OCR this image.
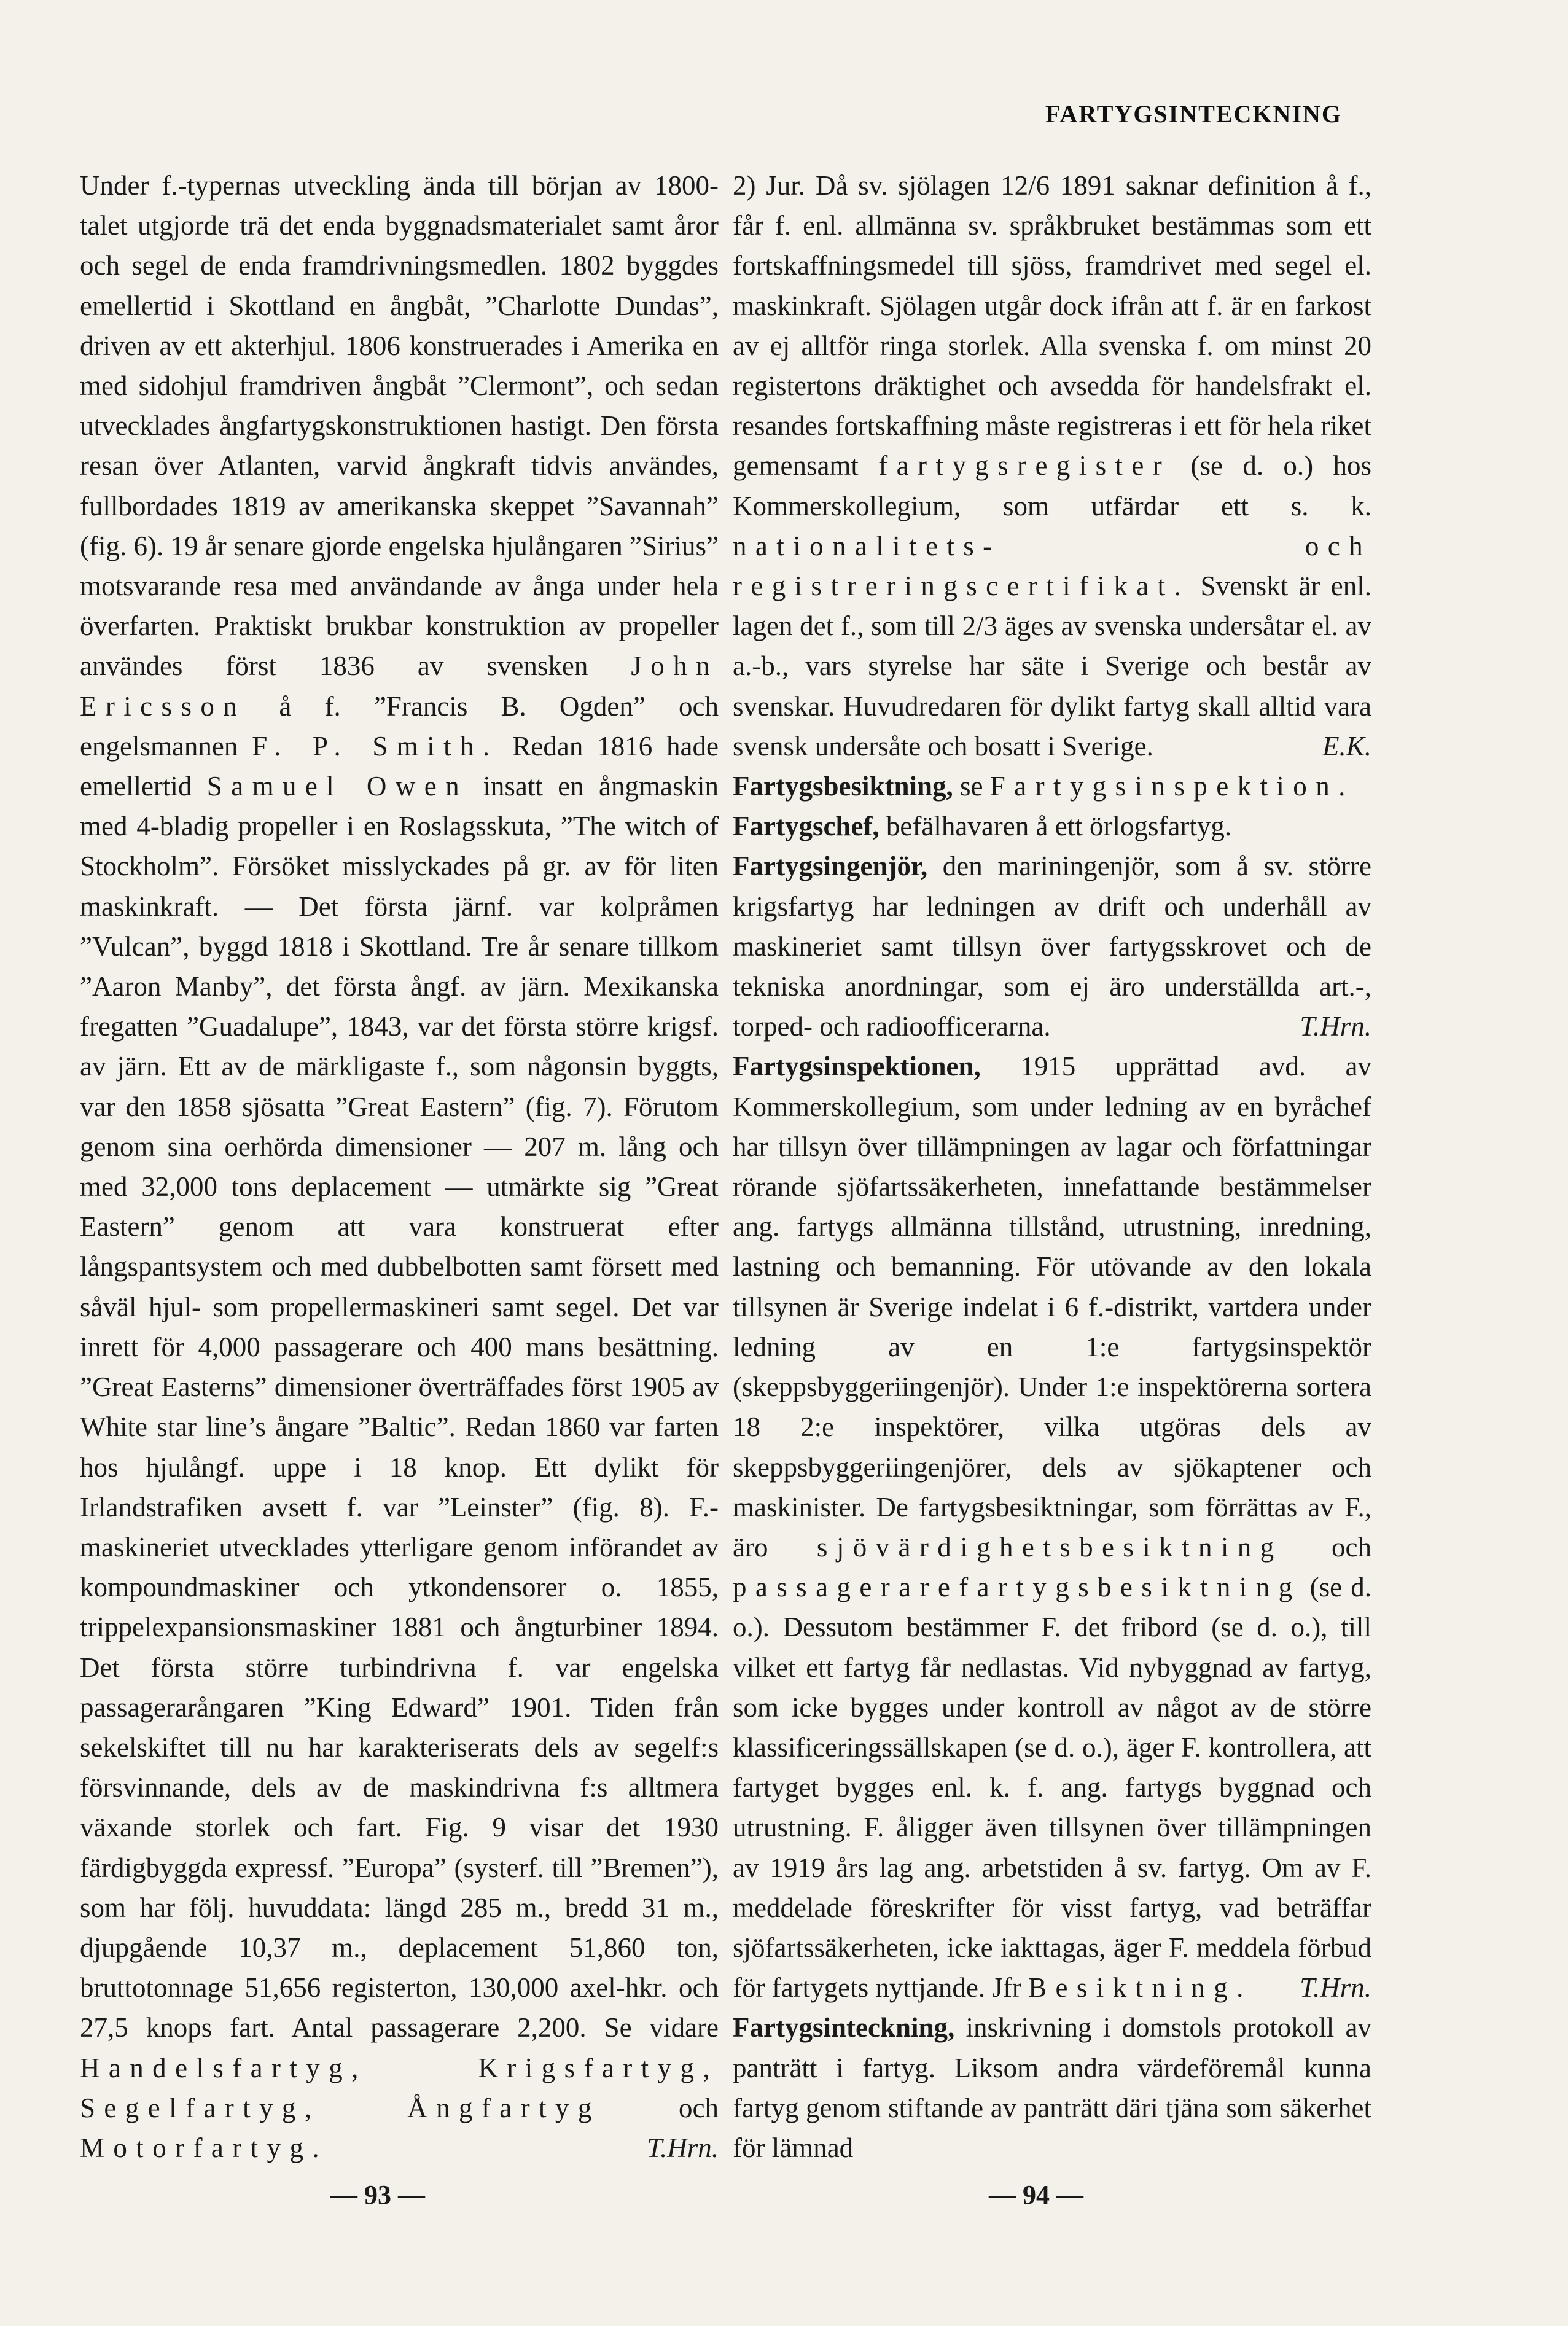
FARTYGSINTECKNING

Under f.-typernas utveckling ända till början av 1800-talet utgjorde trä det enda byggnadsmaterialet samt åror och segel de enda framdrivningsmedlen. 1802 byggdes emellertid i Skottland en ångbåt, ”Charlotte Dundas”, driven av ett akterhjul. 1806 konstruerades i Amerika en med sidohjul framdriven ångbåt ”Clermont”, och sedan utvecklades ångfartygskonstruktionen hastigt. Den första resan över Atlanten, varvid ångkraft tidvis användes, fullbordades 1819 av amerikanska skeppet ”Savannah” (fig. 6). 19 år senare gjorde engelska hjulångaren ”Sirius” motsvarande resa med användande av ånga under hela överfarten. Praktiskt brukbar konstruktion av propeller användes först 1836 av svensken John Ericsson å f. ”Francis B. Ogden” och engelsmannen F. P. Smith. Redan 1816 hade emellertid Samuel Owen insatt en ångmaskin med 4-bladig propeller i en Roslagsskuta, ”The witch of Stockholm”. Försöket misslyckades på gr. av för liten maskinkraft. — Det första järnf. var kolpråmen ”Vulcan”, byggd 1818 i Skottland. Tre år senare tillkom ”Aaron Manby”, det första ångf. av järn. Mexikanska fregatten ”Guadalupe”, 1843, var det första större krigsf. av järn. Ett av de märkligaste f., som någonsin byggts, var den 1858 sjösatta ”Great Eastern” (fig. 7). Förutom genom sina oerhörda dimensioner — 207 m. lång och med 32,000 tons deplacement — utmärkte sig ”Great Eastern” genom att vara konstruerat efter långspantsystem och med dubbelbotten samt försett med såväl hjul- som propellermaskineri samt segel. Det var inrett för 4,000 passagerare och 400 mans besättning. ”Great Easterns” dimensioner överträffades först 1905 av White star line’s ångare ”Baltic”. Redan 1860 var farten hos hjulångf. uppe i 18 knop. Ett dylikt för Irlandstrafiken avsett f. var ”Leinster” (fig. 8). F.-maskineriet utvecklades ytterligare genom införandet av kompoundmaskiner och ytkondensorer o. 1855, trippelexpansionsmaskiner 1881 och ångturbiner 1894. Det första större turbindrivna f. var engelska passagerarångaren ”King Edward” 1901. Tiden från sekelskiftet till nu har karakteriserats dels av segelf:s försvinnande, dels av de maskindrivna f:s alltmera växande storlek och fart. Fig. 9 visar det 1930 färdigbyggda expressf. ”Europa” (systerf. till ”Bremen”), som har följ. huvuddata: längd 285 m., bredd 31 m., djupgående 10,37 m., deplacement 51,860 ton, bruttotonnage 51,656 registerton, 130,000 axel-hkr. och 27,5 knops fart. Antal passagerare 2,200. Se vidare Handelsfartyg, Krigsfartyg, Segelfartyg, Ångfartyg	och Motorfartyg.	T.Hrn.

2) Jur. Då sv. sjölagen 12/6 1891 saknar definition å f., får f. enl. allmänna sv. språkbruket bestämmas som ett fortskaffningsmedel till sjöss, framdrivet med segel el. maskinkraft. Sjölagen utgår dock ifrån att f. är en farkost av ej alltför ringa storlek. Alla svenska f. om minst 20 registertons dräktighet och avsedda för handelsfrakt el. resandes fortskaffning måste registreras i ett för hela riket gemensamt fartygsregister (se d. o.) hos Kommerskollegium, som utfärdar ett s. k. nationalitets- och registreringscertifikat. Svenskt är enl. lagen det f., som till 2/3 äges av svenska undersåtar el. av a.-b., vars styrelse har säte i Sverige och består av svenskar. Huvudredaren för dylikt fartyg skall alltid vara svensk undersåte och bosatt i Sverige.	E.K.

Fartygsbesiktning, se Fartygsinspektion.

Fartygschef, befälhavaren å ett örlogsfartyg.

Fartygsingenjör, den mariningenjör, som å sv. större krigsfartyg har ledningen av drift och underhåll av maskineriet samt tillsyn över fartygsskrovet och de tekniska anordningar, som ej äro underställda art.-, torped- och radioofficerarna.	T.Hrn.

Fartygsinspektionen, 1915 upprättad avd. av Kommerskollegium, som under ledning av en byråchef har tillsyn över tillämpningen av lagar och författningar rörande sjöfartssäkerheten, innefattande bestämmelser ang. fartygs allmänna tillstånd, utrustning, inredning, lastning och bemanning. För utövande av den lokala tillsynen är Sverige indelat i 6 f.-distrikt, vartdera under ledning av en 1:e fartygsinspektör (skeppsbyggeriingenjör). Under 1:e inspektörerna sortera 18 2:e inspektörer, vilka utgöras dels av skeppsbyggeriingenjörer, dels av sjökaptener och maskinister. De fartygsbesiktningar, som förrättas av F., äro sjövärdighetsbesiktning och passagerarefartygsbesiktning (se d. o.). Dessutom bestämmer F. det fribord (se d. o.), till vilket ett fartyg får nedlastas. Vid nybyggnad av fartyg, som icke bygges under kontroll av något av de större klassificeringssällskapen (se d. o.), äger F. kontrollera, att fartyget bygges enl. k. f. ang. fartygs byggnad och utrustning. F. åligger även tillsynen över tillämpningen av 1919 års lag ang. arbetstiden å sv. fartyg. Om av F. meddelade föreskrifter för visst fartyg, vad beträffar sjöfartssäkerheten, icke iakttagas, äger F. meddela förbud för fartygets nyttjande. Jfr Besiktning. T.Hrn.

Fartygsinteckning, inskrivning i domstols protokoll av panträtt i fartyg. Liksom andra värdeföremål kunna fartyg genom stiftande av panträtt däri tjäna som säkerhet för lämnad

— 93 —	— 94 —
